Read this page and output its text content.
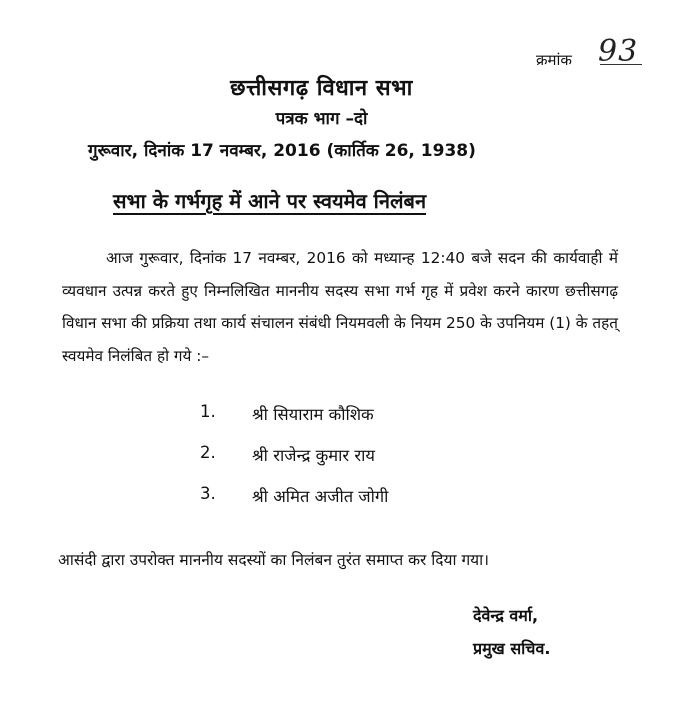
क्रमांक 93
छत्तीसगढ़ विधान सभा
पत्रक भाग –दो
गुरूवार, दिनांक 17 नवम्बर, 2016 (कार्तिक 26, 1938)
सभा के गर्भगृह में आने पर स्वयमेव निलंबन
आज गुरूवार, दिनांक 17 नवम्बर, 2016 को मध्यान्ह 12:40 बजे सदन की कार्यवाही में व्यवधान उत्पन्न करते हुए निम्नलिखित माननीय सदस्य सभा गर्भ गृह में प्रवेश करने कारण छत्तीसगढ़ विधान सभा की प्रक्रिया तथा कार्य संचालन संबंधी नियमवली के नियम 250 के उपनियम (1) के तहत् स्वयमेव निलंबित हो गये :–
1.	श्री सियाराम कौशिक
2.	श्री राजेन्द्र कुमार राय
3.	श्री अमित अजीत जोगी
आसंदी द्वारा उपरोक्त माननीय सदस्यों का निलंबन तुरंत समाप्त कर दिया गया।
देवेन्द्र वर्मा,
प्रमुख सचिव.
